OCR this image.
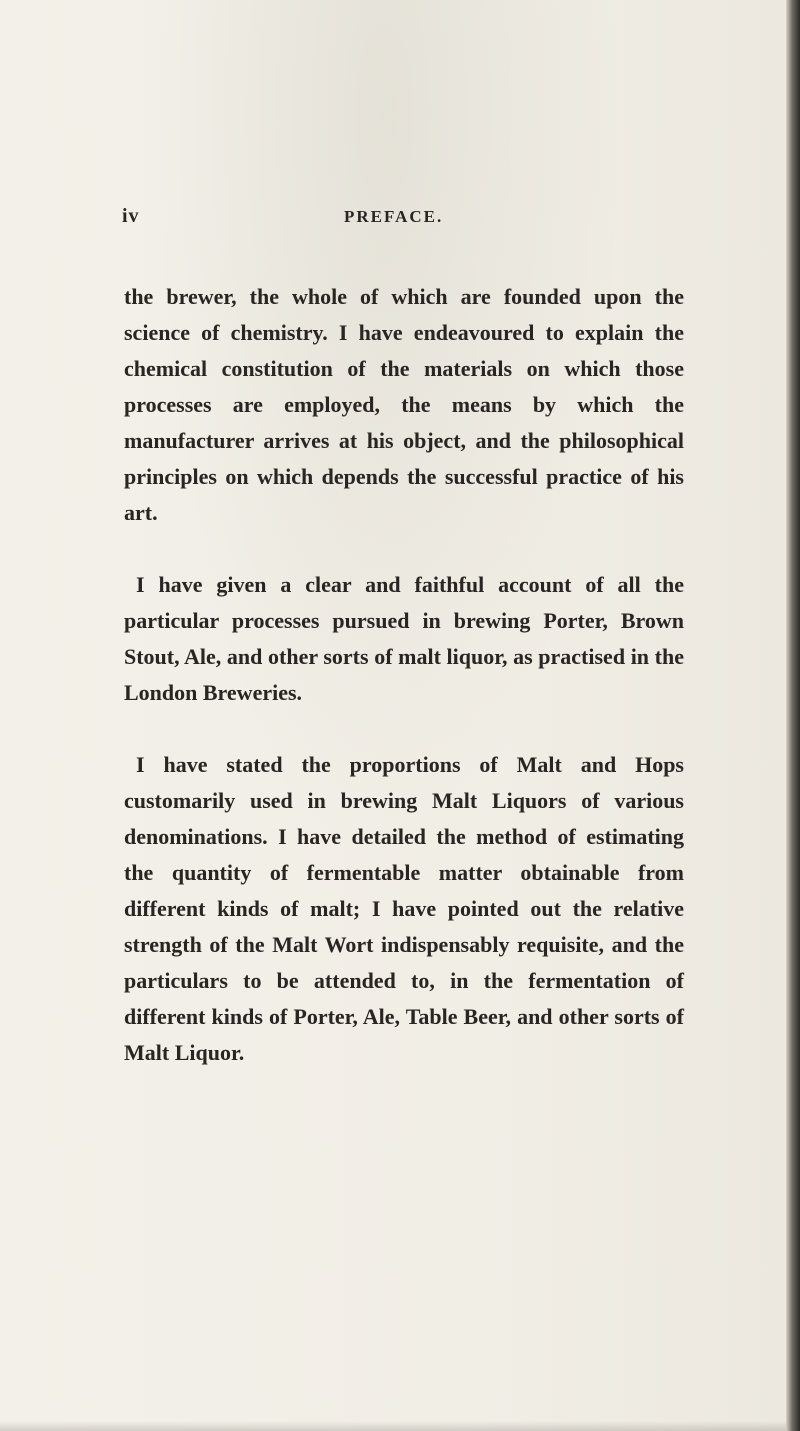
iv	PREFACE.

the brewer, the whole of which are founded upon the science of chemistry. I have endeavoured to explain the chemical constitution of the materials on which those processes are employed, the means by which the manufacturer arrives at his object, and the philosophical principles on which depends the successful practice of his art.

I have given a clear and faithful account of all the particular processes pursued in brewing Porter, Brown Stout, Ale, and other sorts of malt liquor, as practised in the London Breweries.

I have stated the proportions of Malt and Hops customarily used in brewing Malt Liquors of various denominations. I have detailed the method of estimating the quantity of fermentable matter obtainable from different kinds of malt; I have pointed out the relative strength of the Malt Wort indispensably requisite, and the particulars to be attended to, in the fermentation of different kinds of Porter, Ale, Table Beer, and other sorts of Malt Liquor.
